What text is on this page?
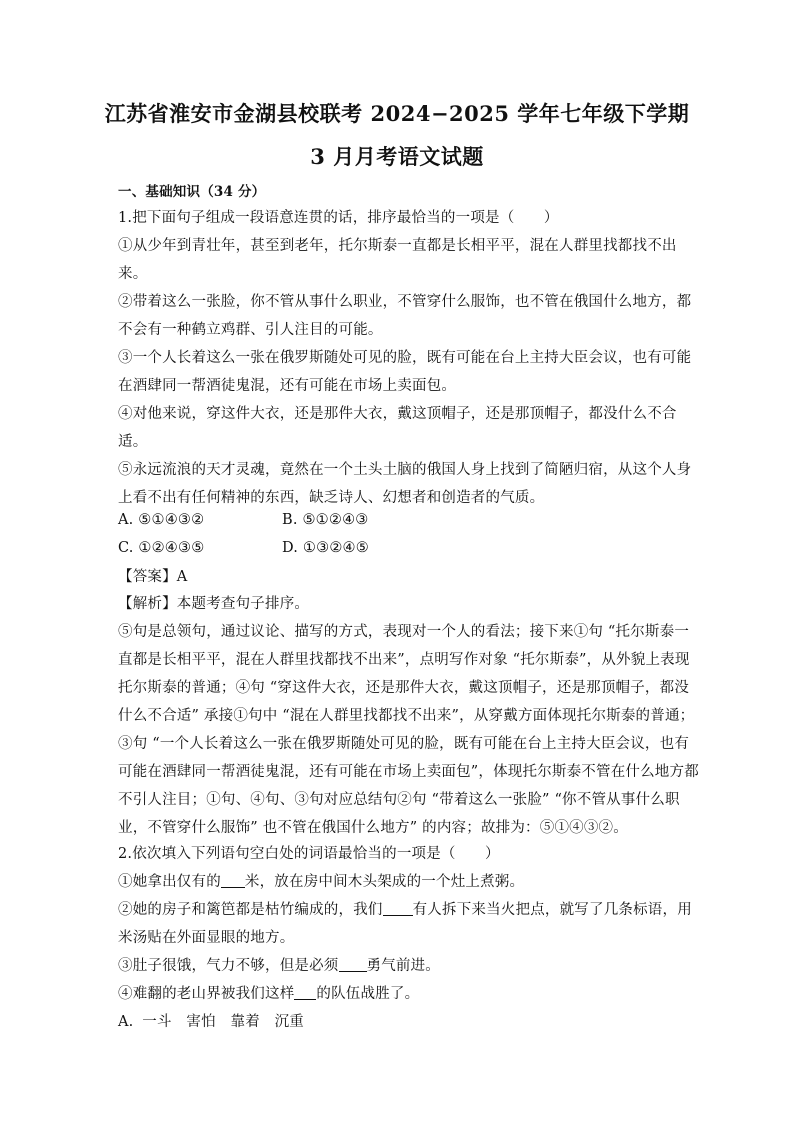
江苏省淮安市金湖县校联考 2024−2025 学年七年级下学期
3 月月考语文试题
一、基础知识（34 分）
1.把下面句子组成一段语意连贯的话，排序最恰当的一项是（　　）
①从少年到青壮年，甚至到老年，托尔斯泰一直都是长相平平，混在人群里找都找不出
来。
②带着这么一张脸，你不管从事什么职业，不管穿什么服饰，也不管在俄国什么地方，都
不会有一种鹤立鸡群、引人注目的可能。
③一个人长着这么一张在俄罗斯随处可见的脸，既有可能在台上主持大臣会议，也有可能
在酒肆同一帮酒徒鬼混，还有可能在市场上卖面包。
④对他来说，穿这件大衣，还是那件大衣，戴这顶帽子，还是那顶帽子，都没什么不合
适。
⑤永远流浪的天才灵魂，竟然在一个土头土脑的俄国人身上找到了简陋归宿，从这个人身
上看不出有任何精神的东西，缺乏诗人、幻想者和创造者的气质。
A. ⑤①④③②	B. ⑤①②④③
C. ①②④③⑤	D. ①③②④⑤
【答案】A
【解析】本题考查句子排序。
⑤句是总领句，通过议论、描写的方式，表现对一个人的看法；接下来①句 “托尔斯泰一
直都是长相平平，混在人群里找都找不出来”，点明写作对象 “托尔斯泰”，从外貌上表现
托尔斯泰的普通；④句 “穿这件大衣，还是那件大衣，戴这顶帽子，还是那顶帽子，都没
什么不合适” 承接①句中 “混在人群里找都找不出来”，从穿戴方面体现托尔斯泰的普通；
③句 “一个人长着这么一张在俄罗斯随处可见的脸，既有可能在台上主持大臣会议，也有
可能在酒肆同一帮酒徒鬼混，还有可能在市场上卖面包”，体现托尔斯泰不管在什么地方都
不引人注目；①句、④句、③句对应总结句②句 “带着这么一张脸” “你不管从事什么职
业，不管穿什么服饰” 也不管在俄国什么地方” 的内容；故排为：⑤①④③②。
2.依次填入下列语句空白处的词语最恰当的一项是（　　）
①她拿出仅有的 米，放在房中间木头架成的一个灶上煮粥。
②她的房子和篱笆都是枯竹编成的，我们 有人拆下来当火把点，就写了几条标语，用
米汤贴在外面显眼的地方。
③肚子很饿，气力不够，但是必须 勇气前进。
④难翻的老山界被我们这样 的队伍战胜了。
A. 一斗　害怕　靠着　沉重
